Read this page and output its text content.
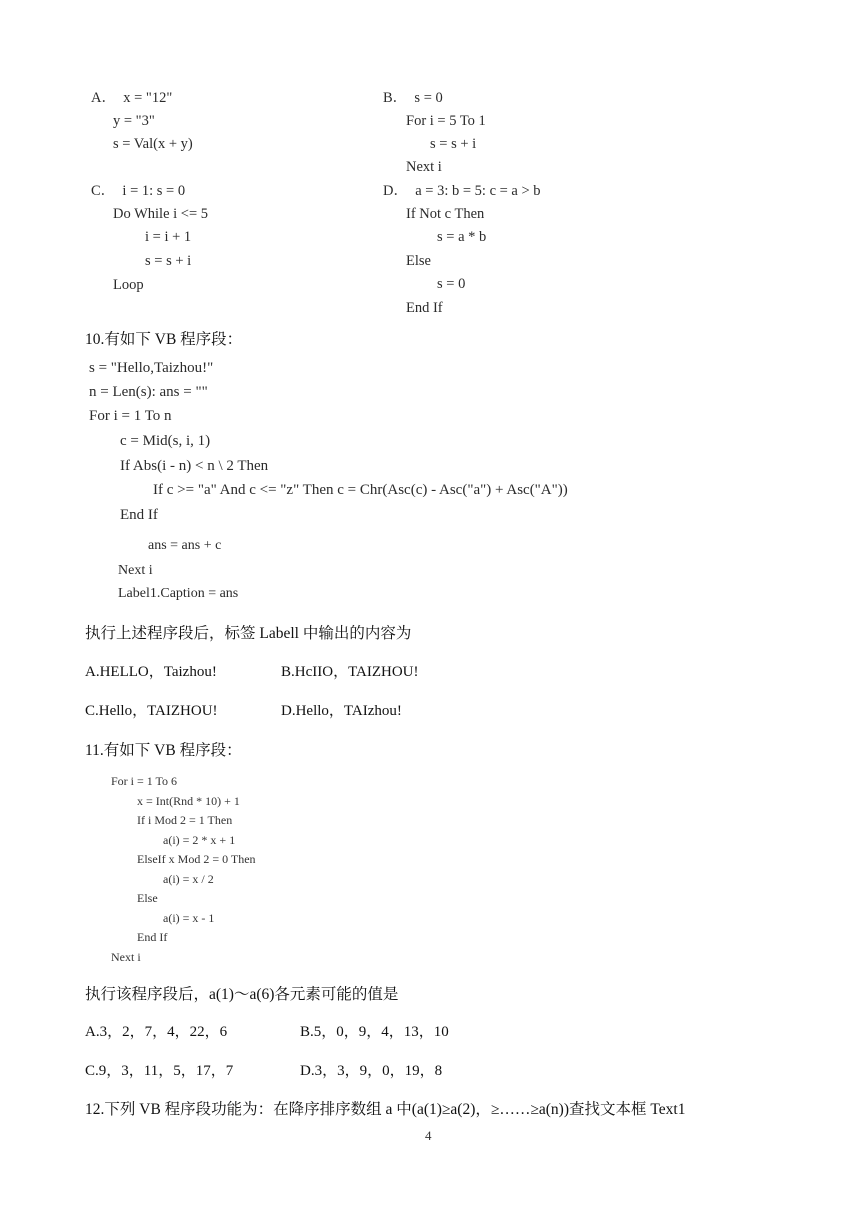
A．  x = "12"
y = "3"
s = Val(x + y)
B．  s = 0
For i = 5 To 1
s = s + i
Next i
C．  i = 1: s = 0
Do While i <= 5
i = i + 1
s = s + i
Loop
D．  a = 3: b = 5: c = a > b
If Not c Then
s = a * b
Else
s = 0
End If
10.有如下 VB 程序段：
s = "Hello,Taizhou!"
n = Len(s): ans = ""
For i = 1 To n
c = Mid(s, i, 1)
If Abs(i - n) < n \ 2 Then
If c >= "a" And c <= "z" Then c = Chr(Asc(c) - Asc("a") + Asc("A"))
End If
ans = ans + c
Next i
Label1.Caption = ans
执行上述程序段后，标签 Labell 中输出的内容为
A.HELLO，Taizhou!	B.HcIIO，TAIZHOU!
C.Hello，TAIZHOU!	D.Hello，TAIzhou!
11.有如下 VB 程序段：
For i = 1 To 6
x = Int(Rnd * 10) + 1
If i Mod 2 = 1 Then
a(i) = 2 * x + 1
ElseIf x Mod 2 = 0 Then
a(i) = x / 2
Else
a(i) = x - 1
End If
Next i
执行该程序段后，a(1)～a(6)各元素可能的值是
A.3，2，7，4，22，6	B.5，0，9，4，13，10
C.9，3，11，5，17，7	D.3，3，9，0，19，8
12.下列 VB 程序段功能为：在降序排序数组 a 中(a(1)≥a(2)，≥……≥a(n))查找文本框 Text1
4
